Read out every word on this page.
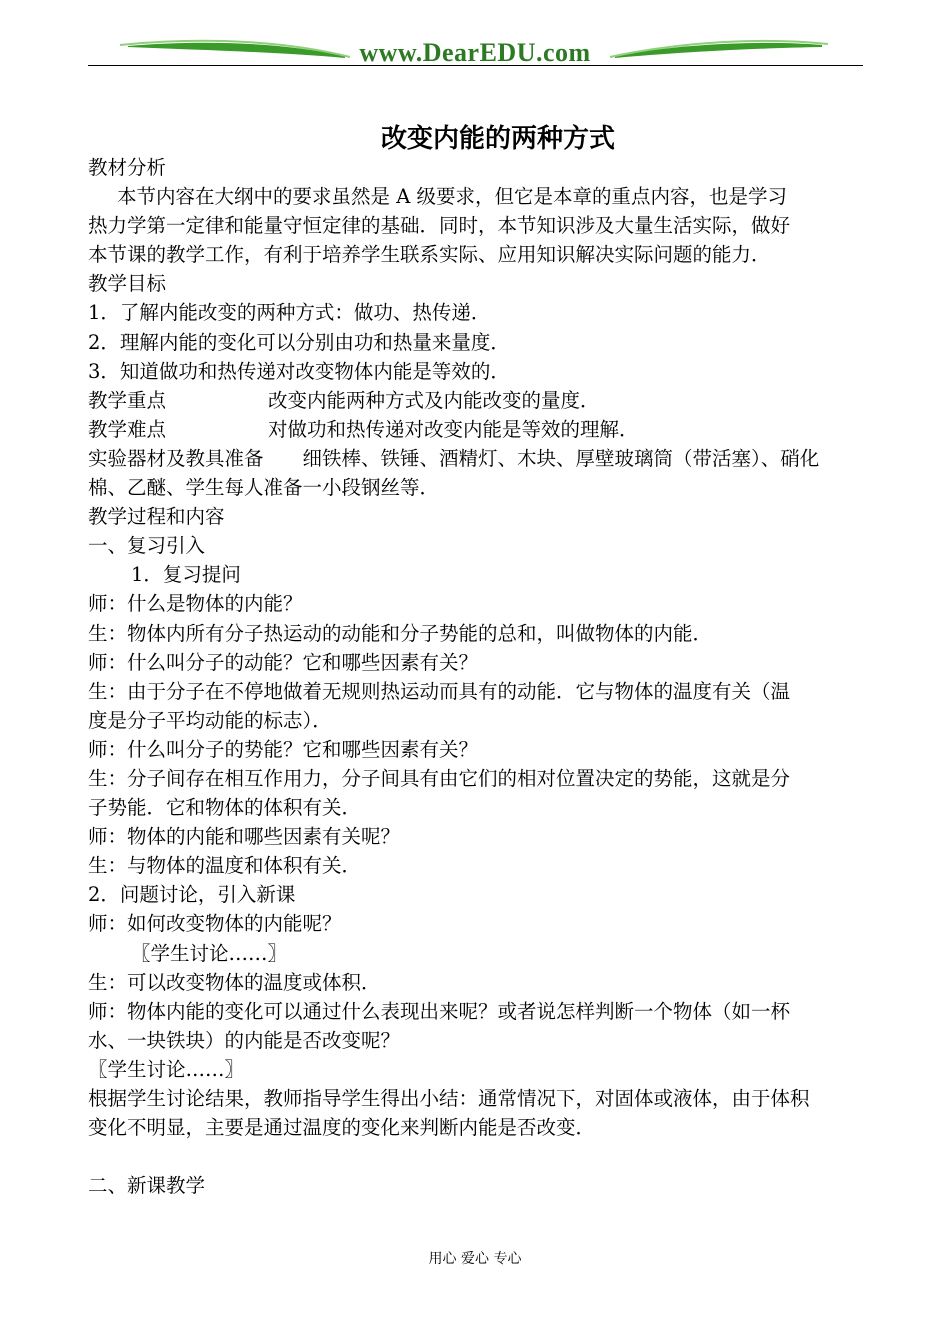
www.DearEDU.com
改变内能的两种方式
教材分析
本节内容在大纲中的要求虽然是 A 级要求，但它是本章的重点内容，也是学习
热力学第一定律和能量守恒定律的基础．同时，本节知识涉及大量生活实际，做好
本节课的教学工作，有利于培养学生联系实际、应用知识解决实际问题的能力．
教学目标
1．了解内能改变的两种方式：做功、热传递．
2．理解内能的变化可以分别由功和热量来量度．
3．知道做功和热传递对改变物体内能是等效的．
教学重点	改变内能两种方式及内能改变的量度．
教学难点	对做功和热传递对改变内能是等效的理解．
实验器材及教具准备　　细铁棒、铁锤、酒精灯、木块、厚壁玻璃筒（带活塞）、硝化
棉、乙醚、学生每人准备一小段钢丝等．
教学过程和内容
一、复习引入
1．复习提问
师：什么是物体的内能？
生：物体内所有分子热运动的动能和分子势能的总和，叫做物体的内能．
师：什么叫分子的动能？它和哪些因素有关？
生：由于分子在不停地做着无规则热运动而具有的动能．它与物体的温度有关（温
度是分子平均动能的标志）．
师：什么叫分子的势能？它和哪些因素有关？
生：分子间存在相互作用力，分子间具有由它们的相对位置决定的势能，这就是分
子势能．它和物体的体积有关．
师：物体的内能和哪些因素有关呢？
生：与物体的温度和体积有关．
2．问题讨论，引入新课
师：如何改变物体的内能呢？
〖学生讨论……〗
生：可以改变物体的温度或体积．
师：物体内能的变化可以通过什么表现出来呢？或者说怎样判断一个物体（如一杯
水、一块铁块）的内能是否改变呢？
〖学生讨论……〗
根据学生讨论结果，教师指导学生得出小结：通常情况下，对固体或液体，由于体积
变化不明显，主要是通过温度的变化来判断内能是否改变．
二、新课教学
用心 爱心 专心
